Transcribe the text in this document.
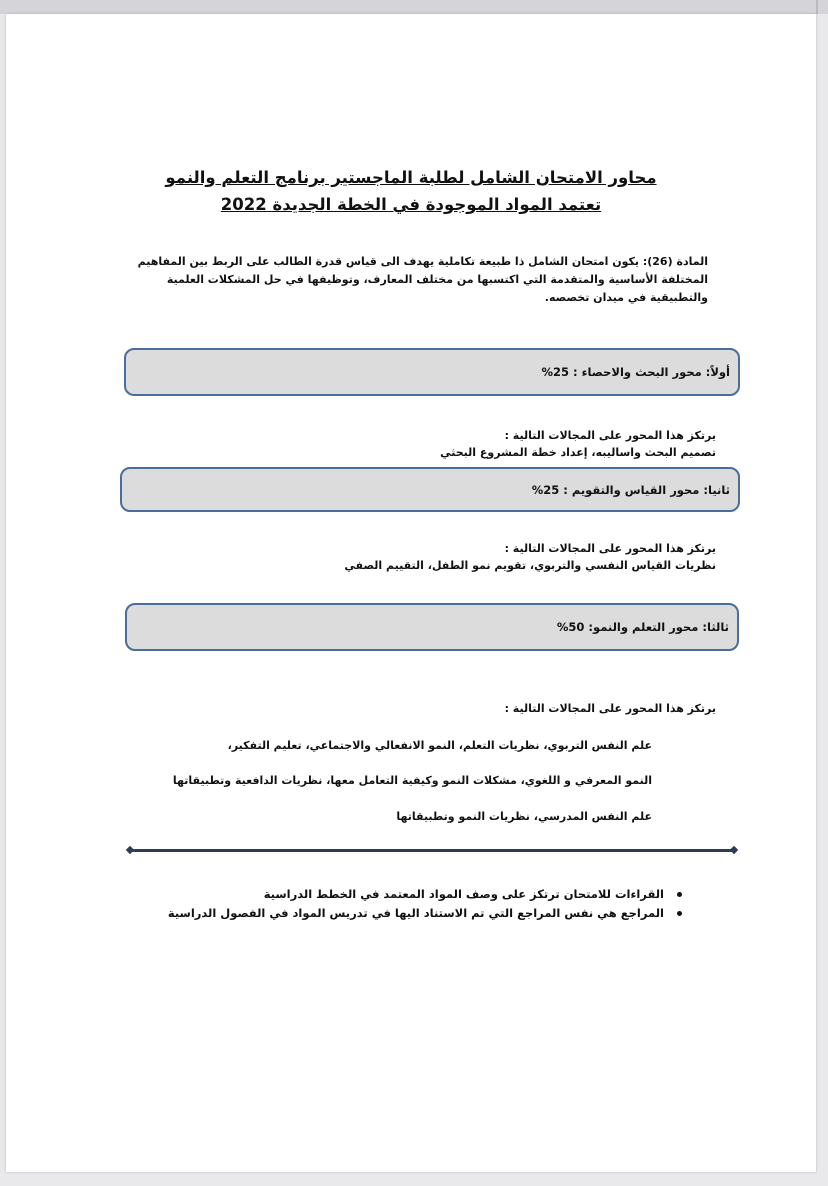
محاور الامتحان الشامل لطلبة الماجستير برنامج التعلم والنمو
تعتمد المواد الموجودة في الخطة الجديدة 2022
المادة (26): يكون امتحان الشامل ذا طبيعة تكاملية يهدف الى قياس قدرة الطالب على الربط بين المفاهيم المختلفة الأساسية والمتقدمة التي اكتسبها من مختلف المعارف، وتوظيفها في حل المشكلات العلمية والتطبيقية في ميدان تخصصه.
أولاً: محور البحث والاحصاء : 25%
يرتكز هذا المحور على المجالات التالية :
تصميم البحث واساليبه، إعداد خطة المشروع البحثي
ثانيا: محور القياس والتقويم : 25%
يرتكز هذا المحور على المجالات التالية :
نظريات القياس النفسي والتربوي، تقويم نمو الطفل، التقييم الصفي
ثالثا: محور التعلم والنمو: 50%
يرتكز هذا المحور على المجالات التالية :
علم النفس التربوي، نظريات التعلم، النمو الانفعالي والاجتماعي، تعليم التفكير،
النمو المعرفي و اللغوي، مشكلات النمو وكيفية التعامل معها، نظريات الدافعية وتطبيقاتها
علم النفس المدرسي، نظريات النمو وتطبيقاتها
القراءات للامتحان ترتكز على وصف المواد المعتمد في الخطط الدراسية
المراجع هي نفس المراجع التي تم الاستناد اليها في تدريس المواد في الفصول الدراسية
